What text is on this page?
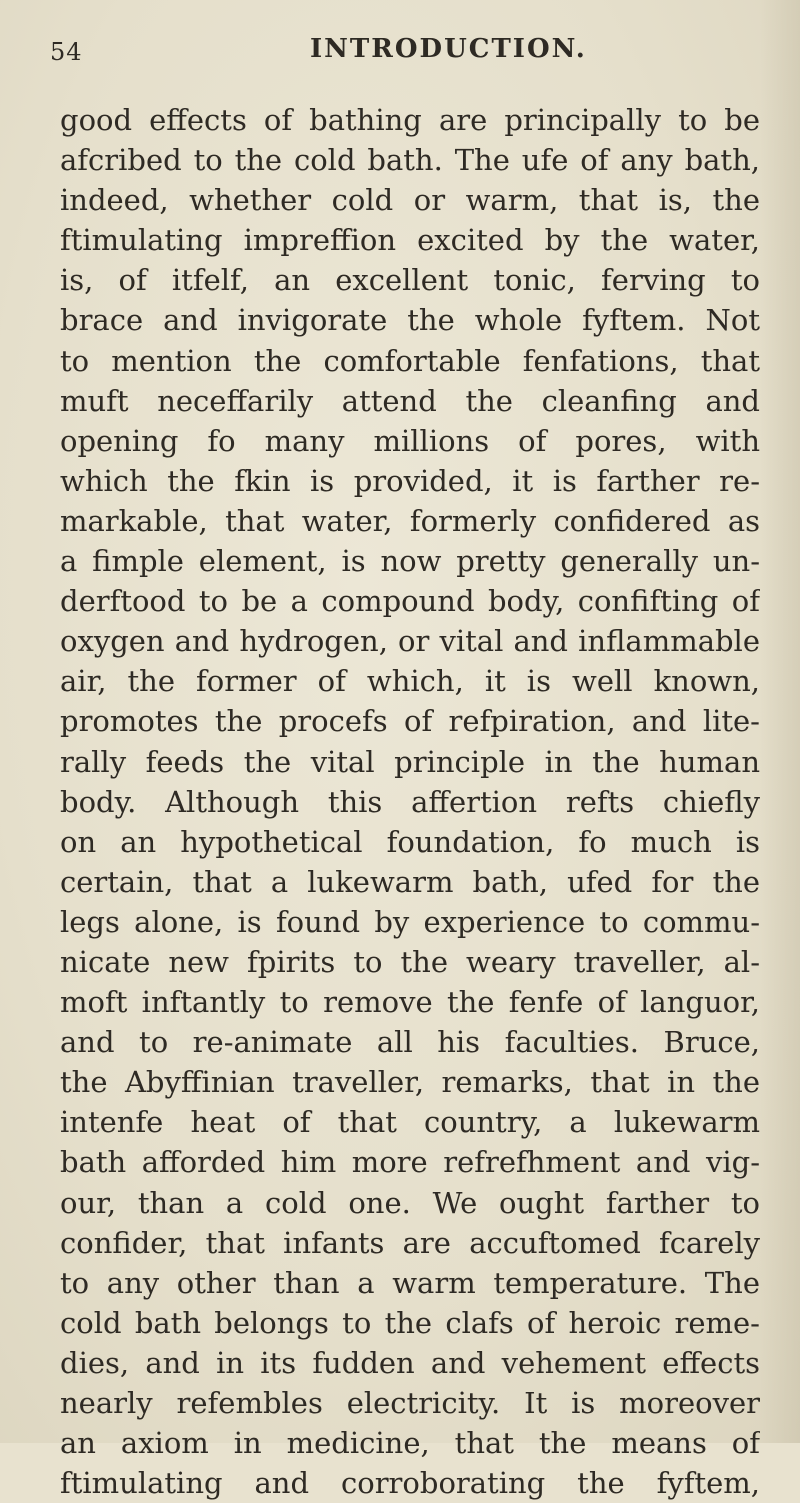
54	INTRODUCTION.
good effects of bathing are principally to be
afcribed to the cold bath. The ufe of any bath,
indeed, whether cold or warm, that is, the
ftimulating impreffion excited by the water,
is, of itfelf, an excellent tonic, ferving to
brace and invigorate the whole fyftem. Not
to mention the comfortable fenfations, that
muft neceffarily attend the cleanfing and
opening fo many millions of pores, with
which the fkin is provided, it is farther re-
markable, that water, formerly confidered as
a fimple element, is now pretty generally un-
derftood to be a compound body, confifting of
oxygen and hydrogen, or vital and inflammable
air, the former of which, it is well known,
promotes the procefs of refpiration, and lite-
rally feeds the vital principle in the human
body. Although this affertion refts chiefly
on an hypothetical foundation, fo much is
certain, that a lukewarm bath, ufed for the
legs alone, is found by experience to commu-
nicate new fpirits to the weary traveller, al-
moft inftantly to remove the fenfe of languor,
and to re-animate all his faculties. Bruce,
the Abyffinian traveller, remarks, that in the
intenfe heat of that country, a lukewarm
bath afforded him more refrefhment and vig-
our, than a cold one. We ought farther to
confider, that infants are accuftomed fcarely
to any other than a warm temperature. The
cold bath belongs to the clafs of heroic reme-
dies, and in its fudden and vehement effects
nearly refembles electricity. It is moreover
an axiom in medicine, that the means of
ftimulating and corroborating the fyftem,
